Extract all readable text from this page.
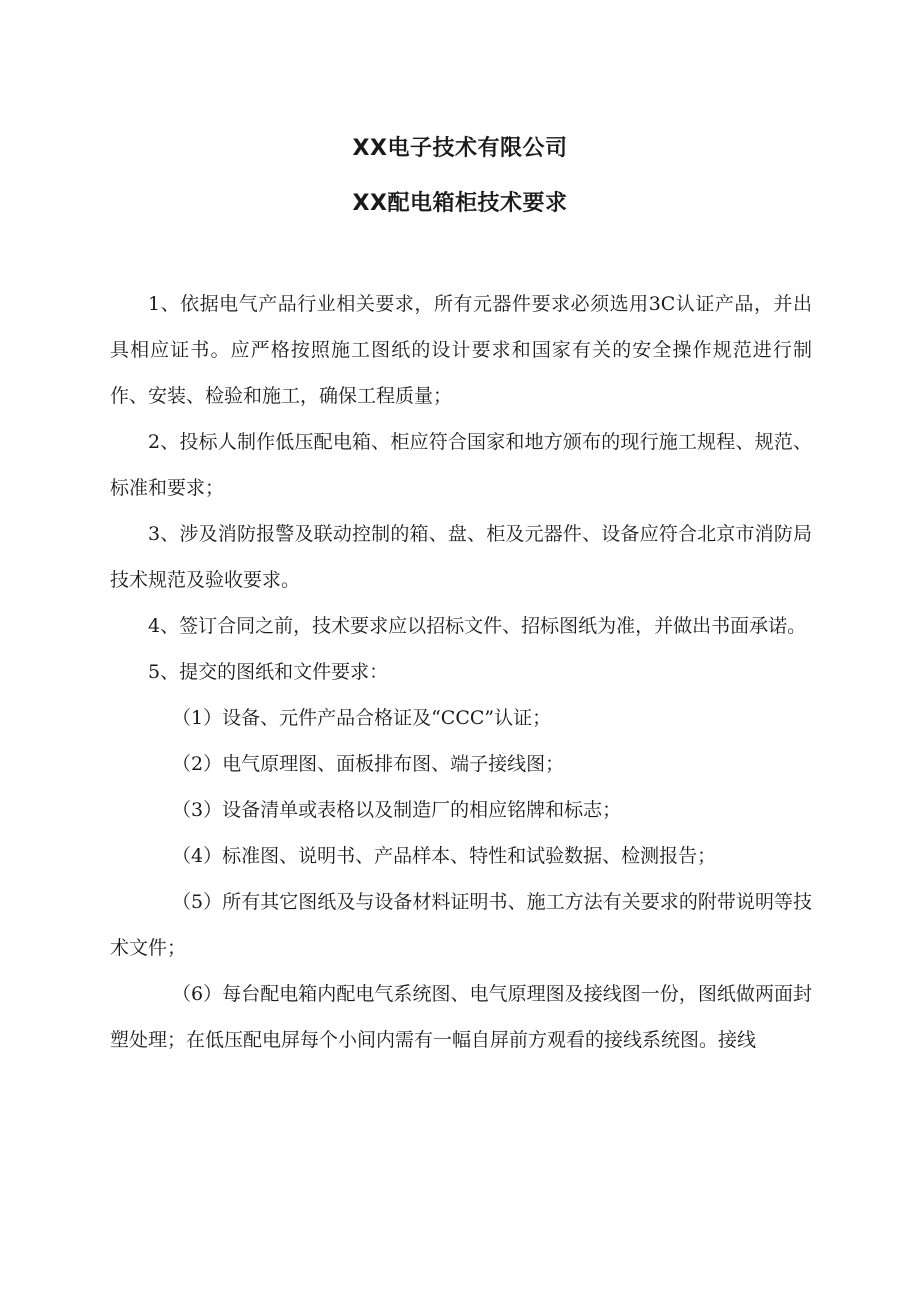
XX电子技术有限公司
XX配电箱柜技术要求

1、依据电气产品行业相关要求，所有元器件要求必须选用3C认证产品，并出具相应证书。应严格按照施工图纸的设计要求和国家有关的安全操作规范进行制作、安装、检验和施工，确保工程质量；

2、投标人制作低压配电箱、柜应符合国家和地方颁布的现行施工规程、规范、标准和要求；

3、涉及消防报警及联动控制的箱、盘、柜及元器件、设备应符合北京市消防局技术规范及验收要求。

4、签订合同之前，技术要求应以招标文件、招标图纸为准，并做出书面承诺。

5、提交的图纸和文件要求：

（1）设备、元件产品合格证及“CCC”认证；

（2）电气原理图、面板排布图、端子接线图；

（3）设备清单或表格以及制造厂的相应铭牌和标志；

（4）标准图、说明书、产品样本、特性和试验数据、检测报告；

（5）所有其它图纸及与设备材料证明书、施工方法有关要求的附带说明等技术文件；

（6）每台配电箱内配电气系统图、电气原理图及接线图一份，图纸做两面封塑处理；在低压配电屏每个小间内需有一幅自屏前方观看的接线系统图。接线
